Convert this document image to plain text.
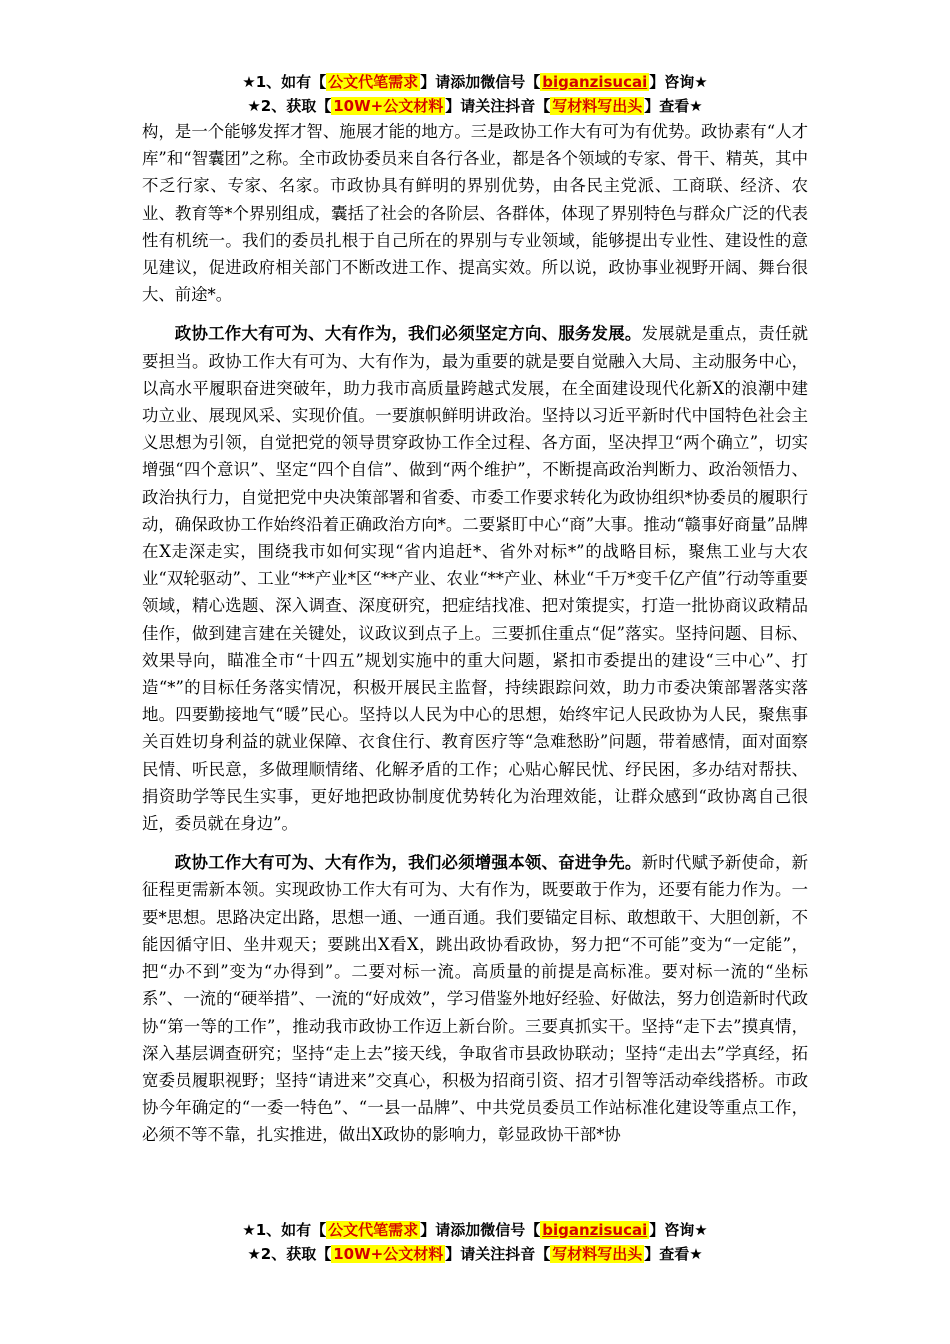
★1、如有【 公文代笔需求 】请添加微信号【 biganzisucai 】咨询★
★2、获取【 10W+公文材料 】请关注抖音【 写材料写出头 】查看★

构，是一个能够发挥才智、施展才能的地方。三是政协工作大有可为有优势。政协素有“人才库”和“智囊团”之称。全市政协委员来自各行各业，都是各个领域的专家、骨干、精英，其中不乏行家、专家、名家。市政协具有鲜明的界别优势，由各民主党派、工商联、经济、农业、教育等*个界别组成，囊括了社会的各阶层、各群体，体现了界别特色与群众广泛的代表性有机统一。我们的委员扎根于自己所在的界别与专业领域，能够提出专业性、建设性的意见建议，促进政府相关部门不断改进工作、提高实效。所以说，政协事业视野开阔、舞台很大、前途*。

政协工作大有可为、大有作为，我们必须坚定方向、服务发展。发展就是重点，责任就要担当。政协工作大有可为、大有作为，最为重要的就是要自觉融入大局、主动服务中心，以高水平履职奋进突破年，助力我市高质量跨越式发展，在全面建设现代化新X的浪潮中建功立业、展现风采、实现价值。一要旗帜鲜明讲政治。坚持以习近平新时代中国特色社会主义思想为引领，自觉把党的领导贯穿政协工作全过程、各方面，坚决捍卫“两个确立”，切实增强“四个意识”、坚定“四个自信”、做到“两个维护”，不断提高政治判断力、政治领悟力、政治执行力，自觉把党中央决策部署和省委、市委工作要求转化为政协组织*协委员的履职行动，确保政协工作始终沿着正确政治方向*。二要紧盯中心“商”大事。推动“赣事好商量”品牌在X走深走实，围绕我市如何实现“省内追赶*、省外对标*”的战略目标，聚焦工业与大农业“双轮驱动”、工业“**产业*区“**产业、农业“**产业、林业“千万*变千亿产值”行动等重要领域，精心选题、深入调查、深度研究，把症结找准、把对策提实，打造一批协商议政精品佳作，做到建言建在关键处，议政议到点子上。三要抓住重点“促”落实。坚持问题、目标、效果导向，瞄准全市“十四五”规划实施中的重大问题，紧扣市委提出的建设“三中心”、打造“*”的目标任务落实情况，积极开展民主监督，持续跟踪问效，助力市委决策部署落实落地。四要勤接地气“暖”民心。坚持以人民为中心的思想，始终牢记人民政协为人民，聚焦事关百姓切身利益的就业保障、衣食住行、教育医疗等“急难愁盼”问题，带着感情，面对面察民情、听民意，多做理顺情绪、化解矛盾的工作；心贴心解民忧、纾民困，多办结对帮扶、捐资助学等民生实事，更好地把政协制度优势转化为治理效能，让群众感到“政协离自己很近，委员就在身边”。

政协工作大有可为、大有作为，我们必须增强本领、奋进争先。新时代赋予新使命，新征程更需新本领。实现政协工作大有可为、大有作为，既要敢于作为，还要有能力作为。一要*思想。思路决定出路，思想一通、一通百通。我们要锚定目标、敢想敢干、大胆创新，不能因循守旧、坐井观天；要跳出X看X，跳出政协看政协，努力把“不可能”变为“一定能”，把“办不到”变为“办得到”。二要对标一流。高质量的前提是高标准。要对标一流的“坐标系”、一流的“硬举措”、一流的“好成效”，学习借鉴外地好经验、好做法，努力创造新时代政协“第一等的工作”，推动我市政协工作迈上新台阶。三要真抓实干。坚持“走下去”摸真情，深入基层调查研究；坚持“走上去”接天线，争取省市县政协联动；坚持“走出去”学真经，拓宽委员履职视野；坚持“请进来”交真心，积极为招商引资、招才引智等活动牵线搭桥。市政协今年确定的“一委一特色”、“一县一品牌”、中共党员委员工作站标准化建设等重点工作，必须不等不靠，扎实推进，做出X政协的影响力，彰显政协干部*协

★1、如有【 公文代笔需求 】请添加微信号【 biganzisucai 】咨询★
★2、获取【 10W+公文材料 】请关注抖音【 写材料写出头 】查看★
